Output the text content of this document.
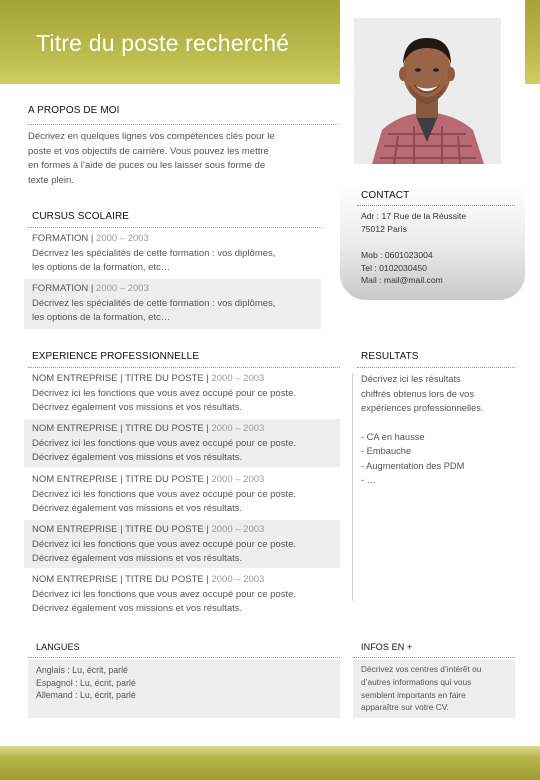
Titre du poste recherché
A PROPOS DE MOI
Décrivez en quelques lignes vos compétences clés pour le
poste et vos objectifs de carrière. Vous pouvez les mettre
en formes à l’aide de puces ou les laisser sous forme de
texte plein.
CURSUS SCOLAIRE
FORMATION | 2000 – 2003
Décrivez les spécialités de cette formation : vos diplômes,
les options de la formation, etc…
FORMATION | 2000 – 2003
Décrivez les spécialités de cette formation : vos diplômes,
les options de la formation, etc…
CONTACT
Adr : 17 Rue de la Réussite
75012 Paris
Mob : 0601023004
Tel : 0102030450
Mail : mail@mail.com
EXPERIENCE PROFESSIONNELLE
NOM ENTREPRISE | TITRE DU POSTE | 2000 – 2003
Décrivez ici les fonctions que vous avez occupé pour ce poste.
Décrivez également vos missions et vos résultats.
NOM ENTREPRISE | TITRE DU POSTE | 2000 – 2003
Décrivez ici les fonctions que vous avez occupé pour ce poste.
Décrivez également vos missions et vos résultats.
NOM ENTREPRISE | TITRE DU POSTE | 2000 – 2003
Décrivez ici les fonctions que vous avez occupé pour ce poste.
Décrivez également vos missions et vos résultats.
NOM ENTREPRISE | TITRE DU POSTE | 2000 – 2003
Décrivez ici les fonctions que vous avez occupé pour ce poste.
Décrivez également vos missions et vos résultats.
NOM ENTREPRISE | TITRE DU POSTE | 2000 – 2003
Décrivez ici les fonctions que vous avez occupé pour ce poste.
Décrivez également vos missions et vos résultats.
RESULTATS
Décrivez ici les résultats
chiffrés obtenus lors de vos
expériences professionnelles.
- CA en hausse
- Embauche
- Augmentation des PDM
- …
LANGUES
Anglais : Lu, écrit, parlé
Espagnol : Lu, écrit, parlé
Allemand : Lu, écrit, parlé
INFOS EN +
Décrivez vos centres d’intérêt ou
d’autres informations qui vous
semblent importants en faire
apparaître sur votre CV.
